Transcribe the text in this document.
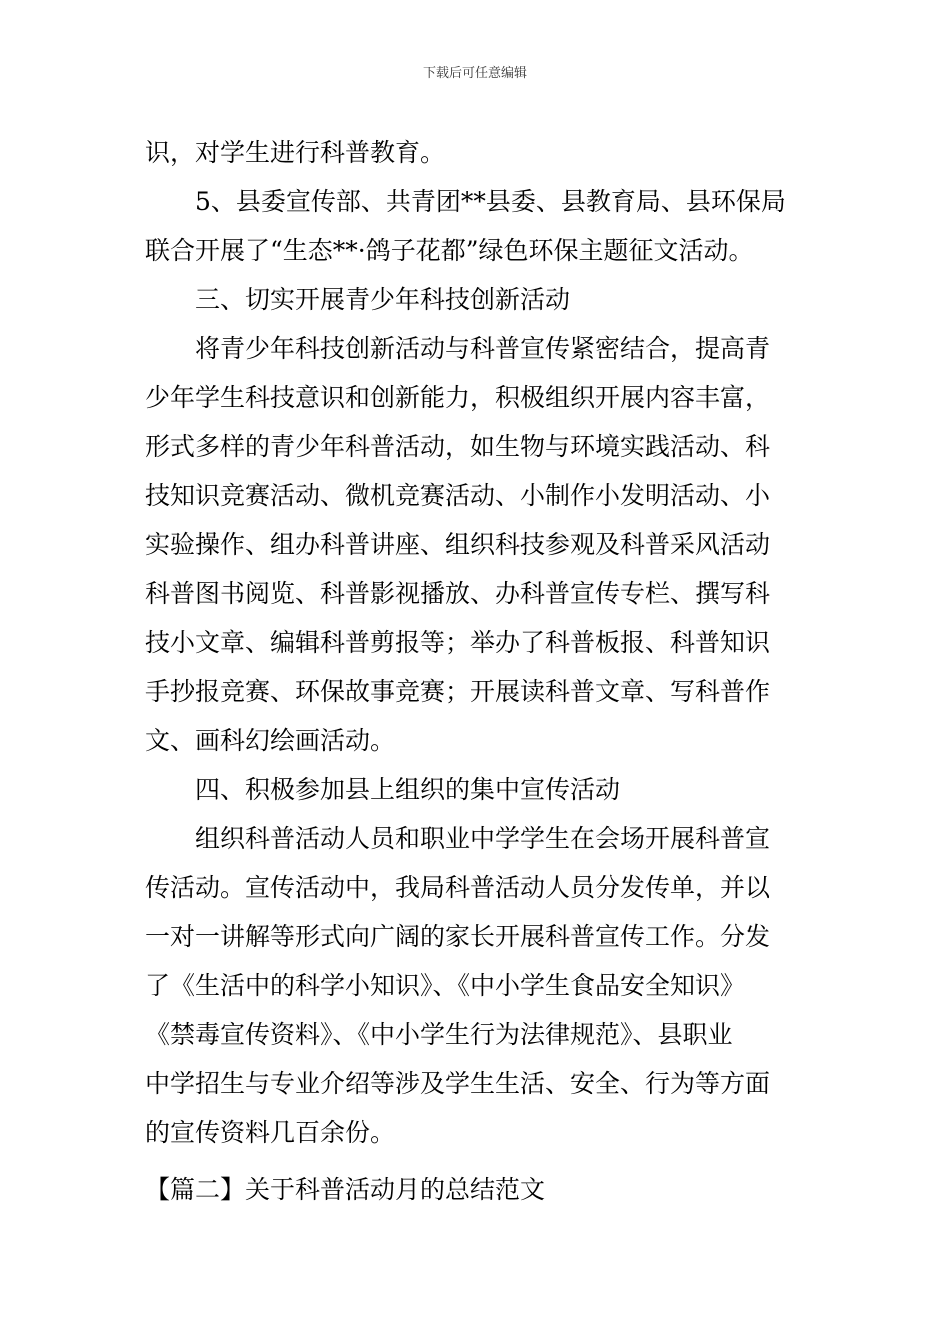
下载后可任意编辑
识，对学生进行科普教育。
5、县委宣传部、共青团**县委、县教育局、县环保局
联合开展了“生态**·鸽子花都”绿色环保主题征文活动。
三、切实开展青少年科技创新活动
将青少年科技创新活动与科普宣传紧密结合，提高青
少年学生科技意识和创新能力，积极组织开展内容丰富，
形式多样的青少年科普活动，如生物与环境实践活动、科
技知识竞赛活动、微机竞赛活动、小制作小发明活动、小
实验操作、组办科普讲座、组织科技参观及科普采风活动
科普图书阅览、科普影视播放、办科普宣传专栏、撰写科
技小文章、编辑科普剪报等；举办了科普板报、科普知识
手抄报竞赛、环保故事竞赛；开展读科普文章、写科普作
文、画科幻绘画活动。
四、积极参加县上组织的集中宣传活动
组织科普活动人员和职业中学学生在会场开展科普宣
传活动。宣传活动中，我局科普活动人员分发传单，并以
一对一讲解等形式向广阔的家长开展科普宣传工作。分发
了《生活中的科学小知识》、《中小学生食品安全知识》
《禁毒宣传资料》、《中小学生行为法律规范》、县职业
中学招生与专业介绍等涉及学生生活、安全、行为等方面
的宣传资料几百余份。
【篇二】关于科普活动月的总结范文
